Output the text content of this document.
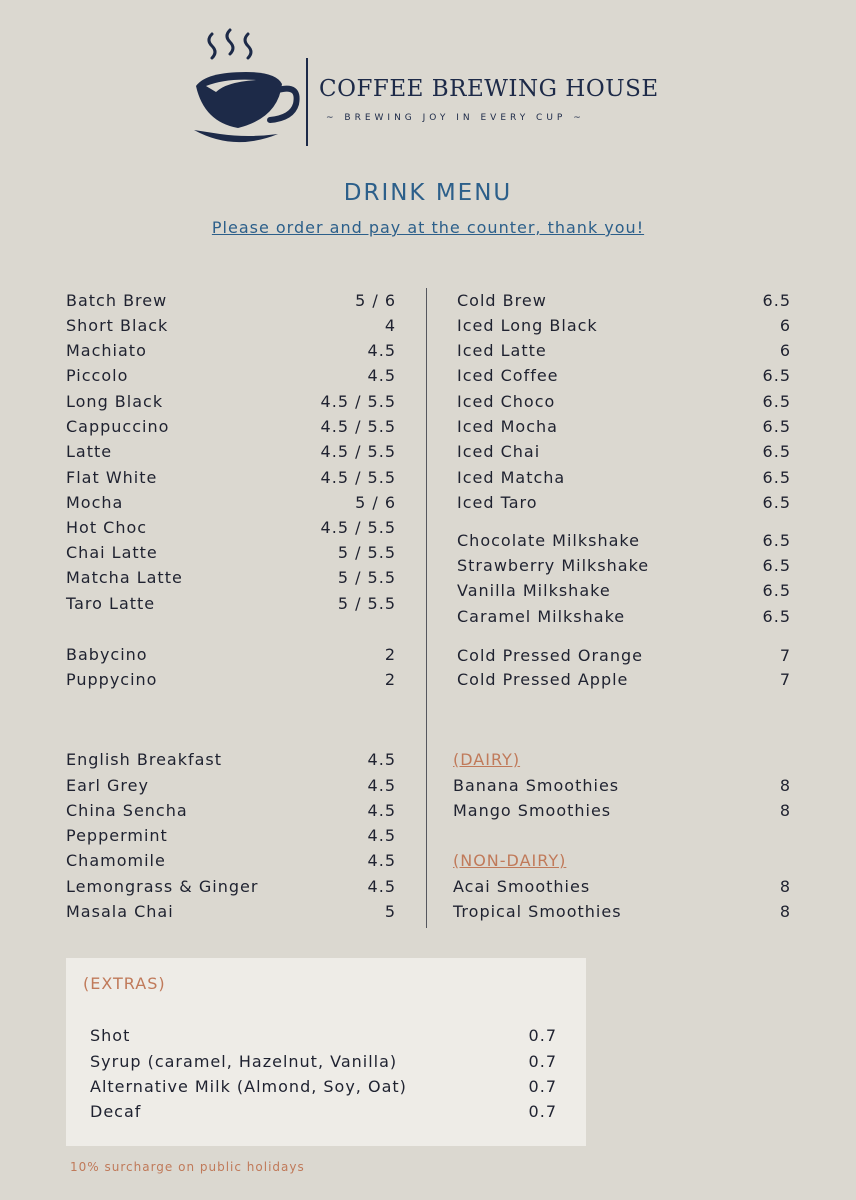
COFFEE BREWING HOUSE
~ BREWING JOY IN EVERY CUP ~
DRINK MENU
Please order and pay at the counter, thank you!
Batch Brew	5 / 6
Short Black	4
Machiato	4.5
Piccolo	4.5
Long Black	4.5 / 5.5
Cappuccino	4.5 / 5.5
Latte	4.5 / 5.5
Flat White	4.5 / 5.5
Mocha	5 / 6
Hot Choc	4.5 / 5.5
Chai Latte	5 / 5.5
Matcha Latte	5 / 5.5
Taro Latte	5 / 5.5
Babycino	2
Puppycino	2
English Breakfast	4.5
Earl Grey	4.5
China Sencha	4.5
Peppermint	4.5
Chamomile	4.5
Lemongrass & Ginger	4.5
Masala Chai	5
Cold Brew	6.5
Iced Long Black	6
Iced Latte	6
Iced Coffee	6.5
Iced Choco	6.5
Iced Mocha	6.5
Iced Chai	6.5
Iced Matcha	6.5
Iced Taro	6.5
Chocolate Milkshake	6.5
Strawberry Milkshake	6.5
Vanilla Milkshake	6.5
Caramel Milkshake	6.5
Cold Pressed Orange	7
Cold Pressed Apple	7
(DAIRY)
Banana Smoothies	8
Mango Smoothies	8
(NON-DAIRY)
Acai Smoothies	8
Tropical Smoothies	8
(EXTRAS)
Shot	0.7
Syrup (caramel, Hazelnut, Vanilla)	0.7
Alternative Milk (Almond, Soy, Oat)	0.7
Decaf	0.7
10% surcharge on public holidays
